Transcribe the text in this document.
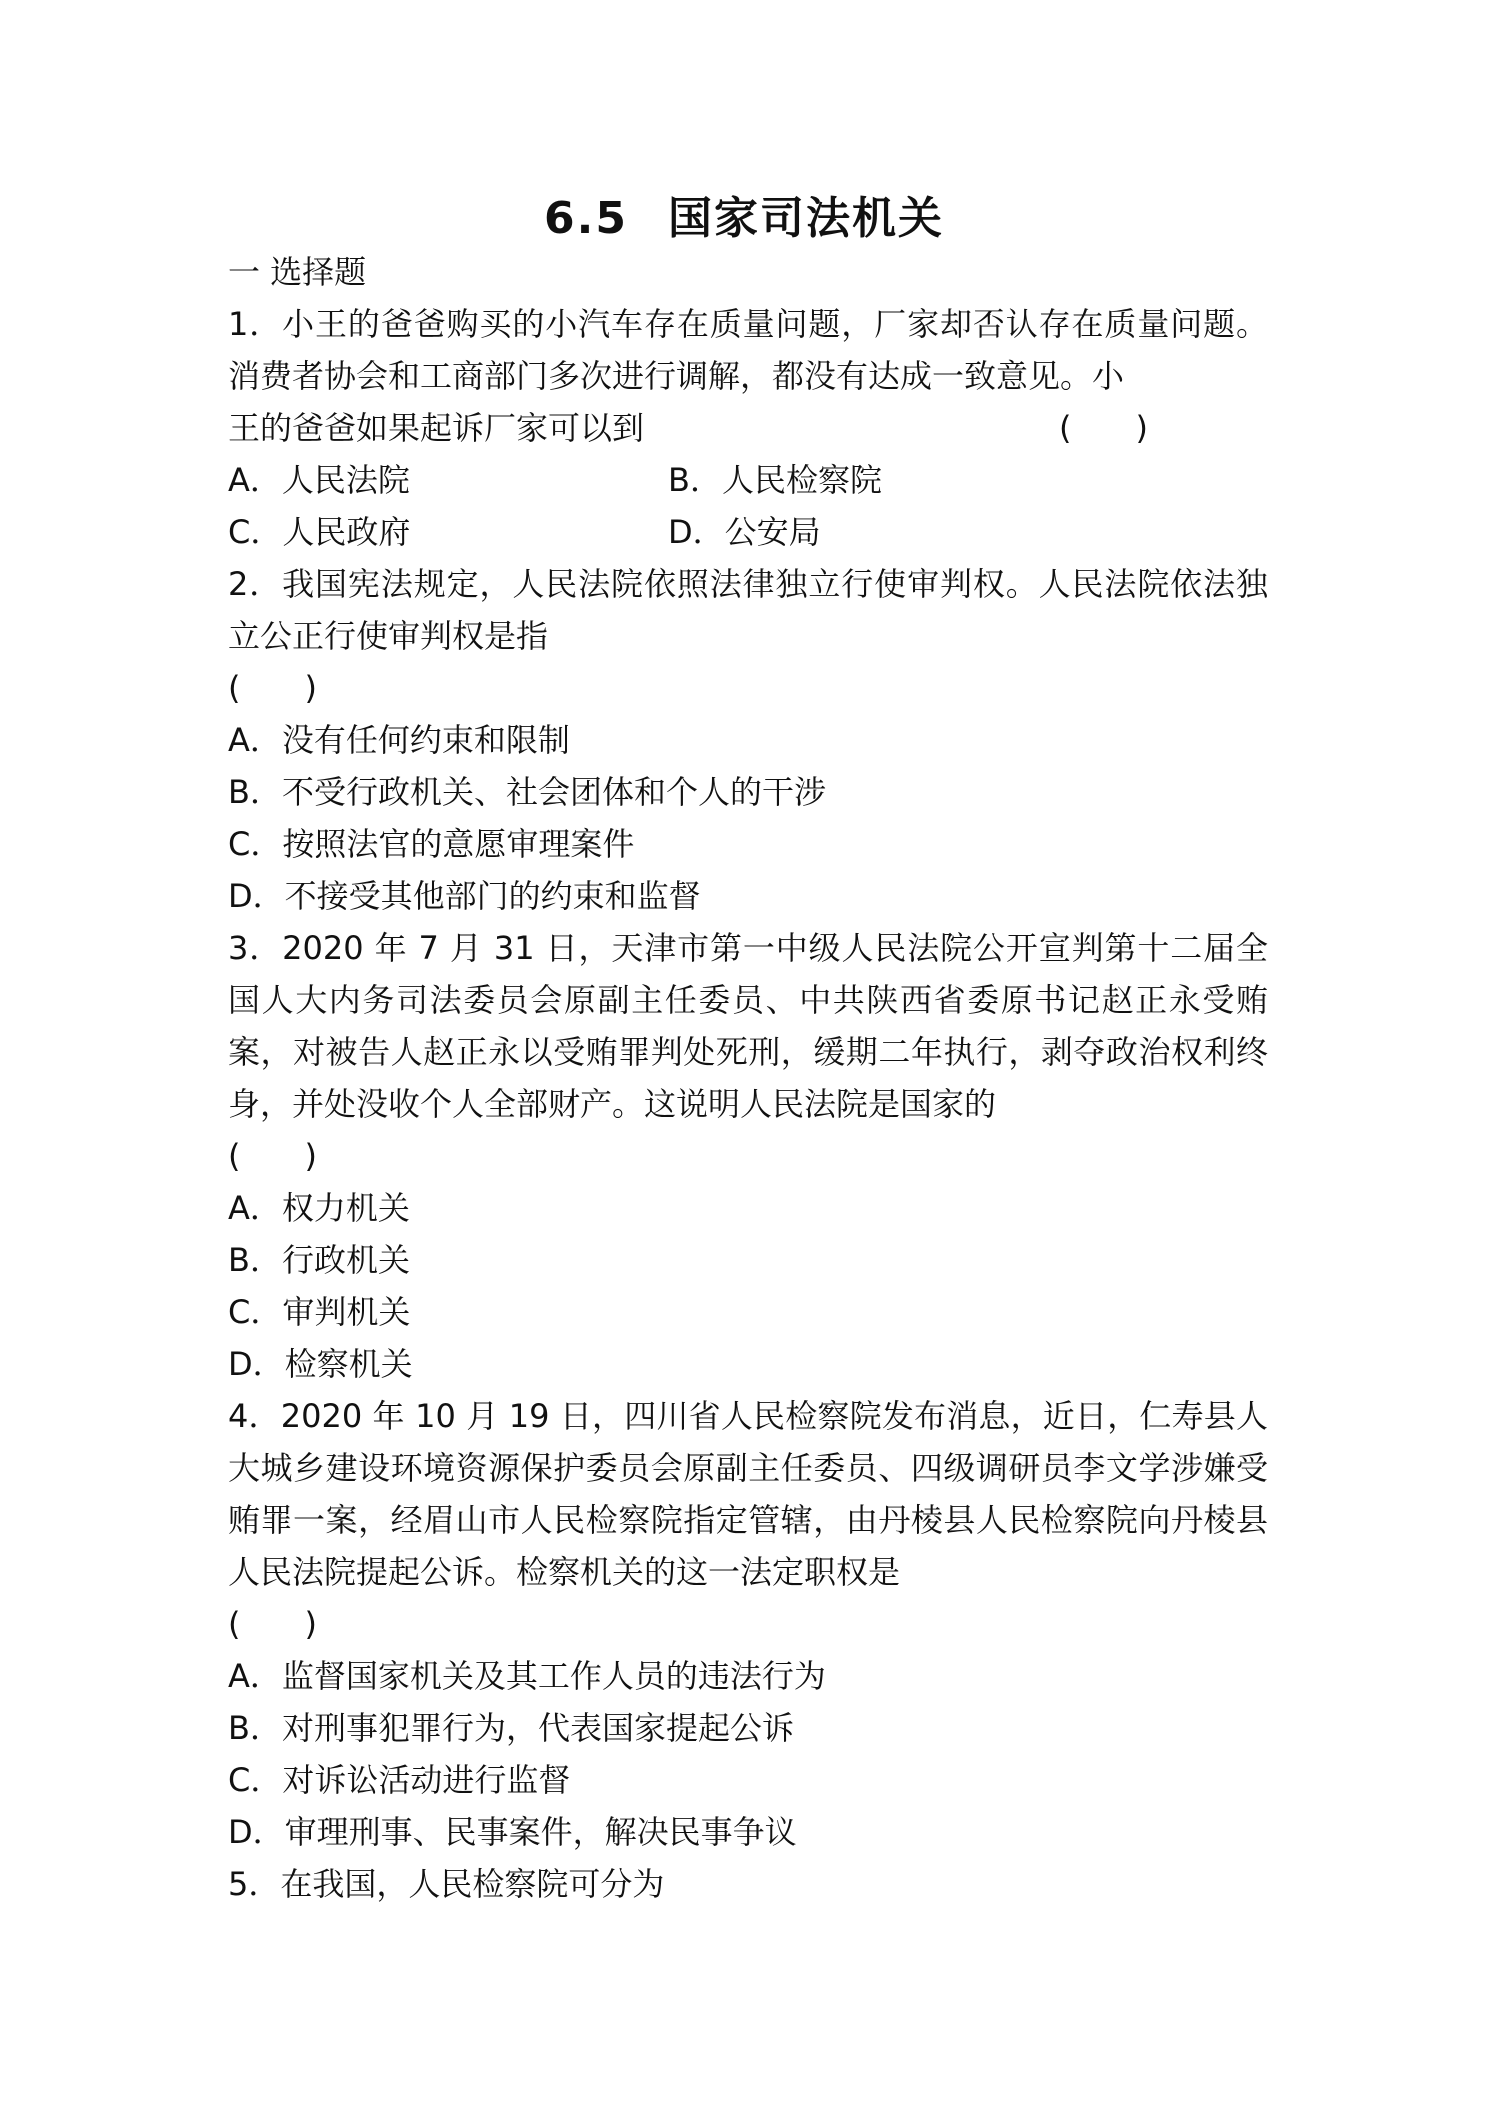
6.5 国家司法机关
一 选择题
1．小王的爸爸购买的小汽车存在质量问题，厂家却否认存在质量问题。消费者协会和工商部门多次进行调解，都没有达成一致意见。小
王的爸爸如果起诉厂家可以到	(　　)
A．人民法院	B．人民检察院
C．人民政府	D．公安局
2．我国宪法规定，人民法院依照法律独立行使审判权。人民法院依法独立公正行使审判权是指
(　　)
A．没有任何约束和限制
B．不受行政机关、社会团体和个人的干涉
C．按照法官的意愿审理案件
D．不接受其他部门的约束和监督
3．2020 年 7 月 31 日，天津市第一中级人民法院公开宣判第十二届全国人大内务司法委员会原副主任委员、中共陕西省委原书记赵正永受贿案，对被告人赵正永以受贿罪判处死刑，缓期二年执行，剥夺政治权利终身，并处没收个人全部财产。这说明人民法院是国家的
(　　)
A．权力机关
B．行政机关
C．审判机关
D．检察机关
4．2020 年 10 月 19 日，四川省人民检察院发布消息，近日，仁寿县人大城乡建设环境资源保护委员会原副主任委员、四级调研员李文学涉嫌受贿罪一案，经眉山市人民检察院指定管辖，由丹棱县人民检察院向丹棱县人民法院提起公诉。检察机关的这一法定职权是
(　　)
A．监督国家机关及其工作人员的违法行为
B．对刑事犯罪行为，代表国家提起公诉
C．对诉讼活动进行监督
D．审理刑事、民事案件，解决民事争议
5．在我国，人民检察院可分为
